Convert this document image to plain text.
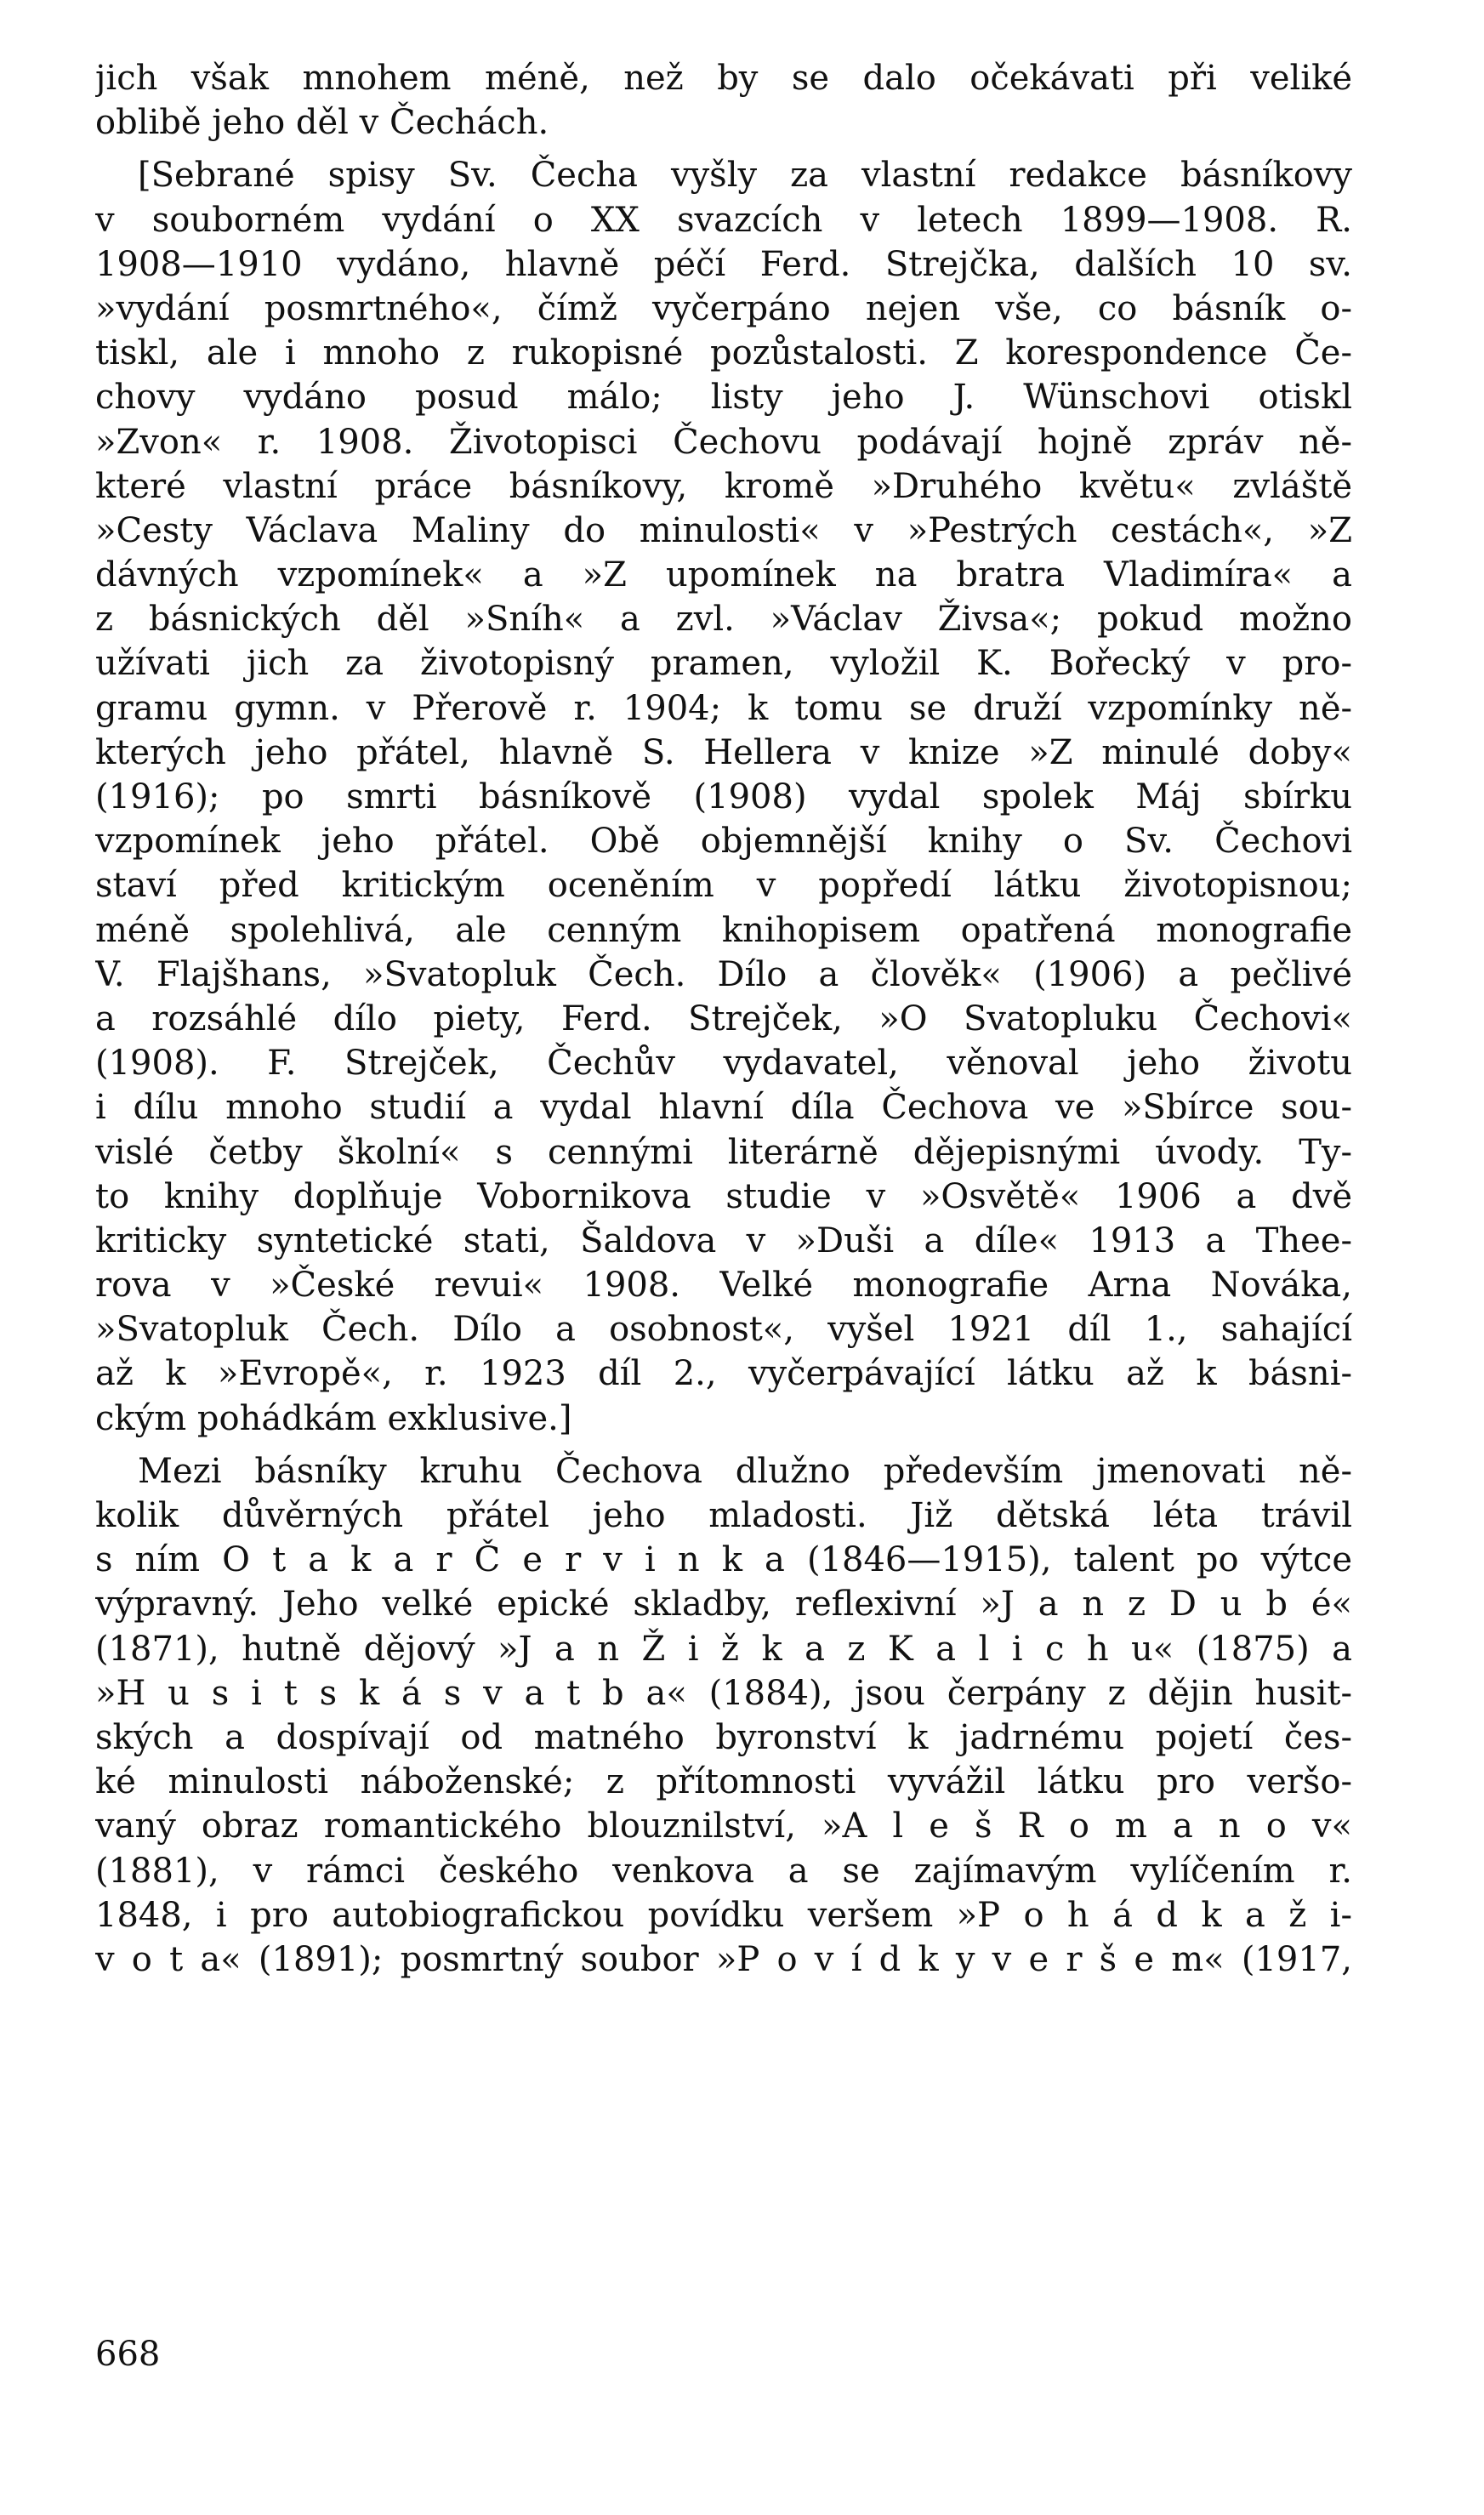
jich však mnohem méně, než by se dalo očekávati při veliké
oblibě jeho děl v Čechách.
[Sebrané spisy Sv. Čecha vyšly za vlastní redakce básníkovy
v souborném vydání o XX svazcích v letech 1899—1908. R.
1908—1910 vydáno, hlavně péčí Ferd. Strejčka, dalších 10 sv.
»vydání posmrtného«, čímž vyčerpáno nejen vše, co básník o-
tiskl, ale i mnoho z rukopisné pozůstalosti. Z korespondence Če-
chovy vydáno posud málo; listy jeho J. Wünschovi otiskl
»Zvon« r. 1908. Životopisci Čechovu podávají hojně zpráv ně-
které vlastní práce básníkovy, kromě »Druhého květu« zvláště
»Cesty Václava Maliny do minulosti« v »Pestrých cestách«, »Z
dávných vzpomínek« a »Z upomínek na bratra Vladimíra« a
z básnických děl »Sníh« a zvl. »Václav Živsa«; pokud možno
užívati jich za životopisný pramen, vyložil K. Bořecký v pro-
gramu gymn. v Přerově r. 1904; k tomu se druží vzpomínky ně-
kterých jeho přátel, hlavně S. Hellera v knize »Z minulé doby«
(1916); po smrti básníkově (1908) vydal spolek Máj sbírku
vzpomínek jeho přátel. Obě objemnější knihy o Sv. Čechovi
staví před kritickým oceněním v popředí látku životopisnou;
méně spolehlivá, ale cenným knihopisem opatřená monografie
V. Flajšhans, »Svatopluk Čech. Dílo a člověk« (1906) a pečlivé
a rozsáhlé dílo piety, Ferd. Strejček, »O Svatopluku Čechovi«
(1908). F. Strejček, Čechův vydavatel, věnoval jeho životu
i dílu mnoho studií a vydal hlavní díla Čechova ve »Sbírce sou-
vislé četby školní« s cennými literárně dějepisnými úvody. Ty-
to knihy doplňuje Vobornikova studie v »Osvětě« 1906 a dvě
kriticky syntetické stati, Šaldova v »Duši a díle« 1913 a Thee-
rova v »České revui« 1908. Velké monografie Arna Nováka,
»Svatopluk Čech. Dílo a osobnost«, vyšel 1921 díl 1., sahající
až k »Evropě«, r. 1923 díl 2., vyčerpávající látku až k básni-
ckým pohádkám exklusive.]
Mezi básníky kruhu Čechova dlužno především jmenovati ně-
kolik důvěrných přátel jeho mladosti. Již dětská léta trávil
s ním O t a k a r Č e r v i n k a (1846—1915), talent po výtce
výpravný. Jeho velké epické skladby, reflexivní »J a n z D u b é«
(1871), hutně dějový »J a n Ž i ž k a z K a l i c h u« (1875) a
»H u s i t s k á s v a t b a« (1884), jsou čerpány z dějin husit-
ských a dospívají od matného byronství k jadrnému pojetí čes-
ké minulosti náboženské; z přítomnosti vyvážil látku pro veršo-
vaný obraz romantického blouznilství, »A l e š R o m a n o v«
(1881), v rámci českého venkova a se zajímavým vylíčením r.
1848, i pro autobiografickou povídku veršem »P o h á d k a ž i-
v o t a« (1891); posmrtný soubor »P o v í d k y v e r š e m« (1917,
668
